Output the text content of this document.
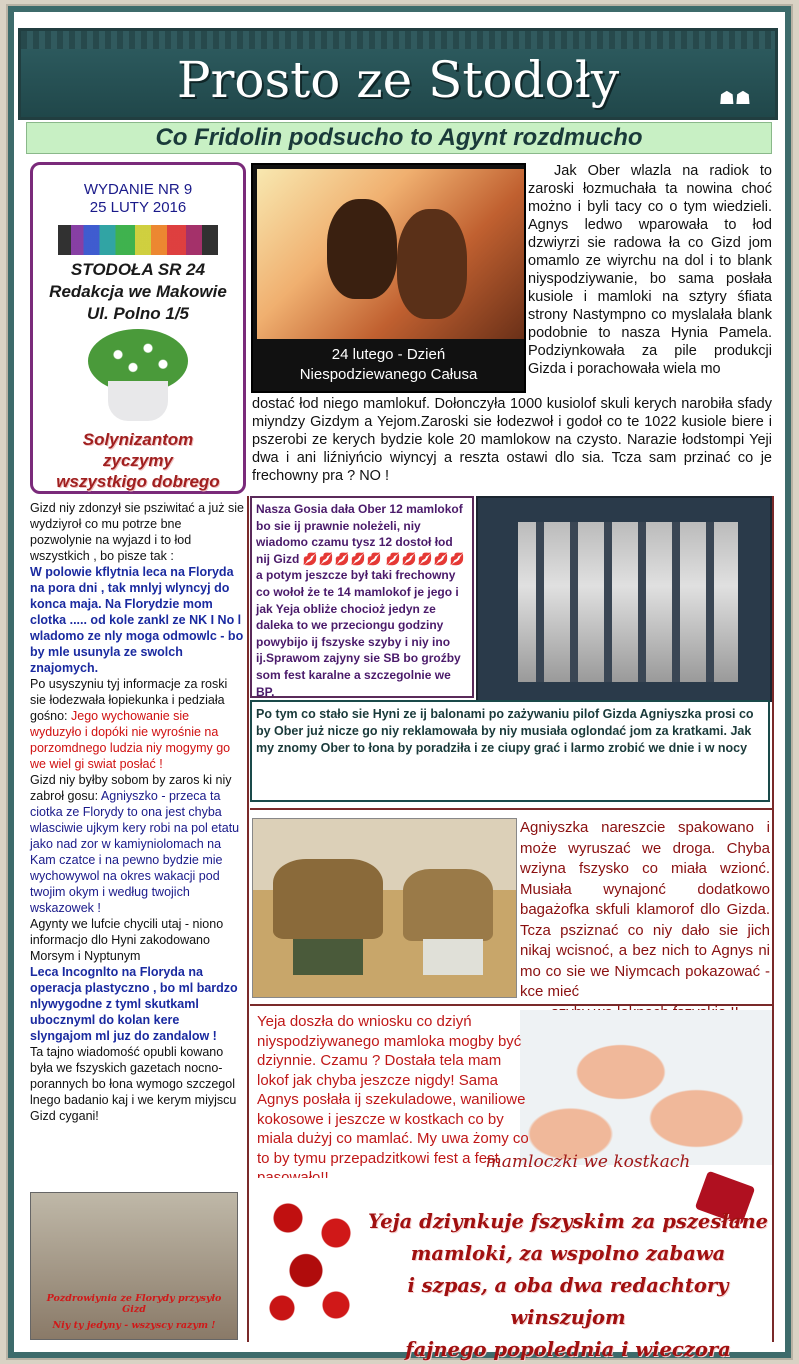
Prosto ze Stodoły	☗☗
Co Fridolin podsucho to Agynt rozdmucho
WYDANIE NR 9
25 LUTY 2016
STODOŁA SR 24
Redakcja we Makowie
Ul. Polno 1/5
Solynizantom
zyczymy
wszystkigo dobrego
24 lutego - Dzień
Niespodziewanego Całusa
Jak Ober wlazla na radiok to zaroski łozmuchała ta nowina choć możno i byli tacy co o tym wiedzieli. Agnys ledwo wparowała to łod dzwiyrzi sie radowa ła co Gizd jom omamlo ze wiyrchu na dol i to blank niyspodziywanie, bo sama posłała kusiole i mamloki na sztyry śfiata strony Nastympno co myslalała blank podobnie to nasza Hynia Pamela. Podziynkowała za pile produkcji Gizda i porachowała wiela mo
dostać łod niego mamlokuf. Dołonczyła 1000 kusiolof skuli kerych narobiła sfady miyndzy Gizdym a Yejom.Zaroski sie łodezwoł i godoł co te 1022 kusiole biere i pszerobi ze kerych bydzie kole 20 mamlokow na czysto. Narazie łodstompi Yeji dwa i ani liźniyńcio wiyncyj a reszta ostawi dlo sia. Tcza sam przinać co je frechowny pra ? NO !
Gizd niy zdonzył sie psziwitać a już sie wydziyroł co mu potrze bne pozwolynie na wyjazd i to łod wszystkich , bo pisze tak :
W polowie kflytnia leca na Floryda na pora dni , tak mnlyj wlyncyj do konca maja. Na Florydzie mom clotka ..... od kole zankl ze NK I No l wladomo ze nly moga odmowlc - bo by mle usunyla ze swolch znajomych.
Po usyszyniu tyj informacje za roski sie łodezwała łopiekunka i pedziała gośno: Jego wychowanie sie wyduzyło i dopóki nie wyrośnie na porzomdnego ludzia niy mogymy go we wiel gi swiat posłać !
Gizd niy byłby sobom by zaros ki niy zabroł gosu: Agniyszko - przeca ta ciotka ze Florydy to ona jest chyba wlasciwie ujkym kery robi na pol etatu jako nad zor w kamiyniolomach na Kam czatce i na pewno bydzie mie wychowywol na okres wakacji pod twojim okym i według twojich wskazowek !
Agynty we lufcie chycili utaj - niono informacjo dlo Hyni zakodowano Morsym i Nyptunym
Leca Incognlto na Floryda na operacja plastyczno , bo ml bardzo nlywygodne z tyml skutkaml ubocznyml do kolan kere slyngajom ml juz do zandalow !
Ta tajno wiadomość opubli kowano była we fszyskich gazetach nocno-porannych bo łona wymogo szczegol lnego badanio kaj i we kerym miyjscu Gizd cygani!
Pozdrowiynia ze Florydy przysyło Gizd
Niy ty jedyny - wszyscy razym !
Nasza Gosia dała Ober 12 mamlokof bo sie ij prawnie noleżeli, niy wiadomo czamu tysz 12 dostoł łod nij Gizd 💋💋💋💋💋 💋💋💋💋💋 a potym jeszcze był taki frechowny co wołoł że te 14 mamlokof je jego i jak Yeja obliże chocioż jedyn ze daleka to we przeciongu godziny powybijo ij fszyske szyby i niy ino ij.Sprawom zajyny sie SB bo groźby som fest karalne a szczegolnie we BP.
Po tym co stało sie Hyni ze ij balonami po zażywaniu pilof Gizda Agniyszka prosi co by Ober już nicze go niy reklamowała by niy musiała oglondać jom za kratkami. Jak my znomy Ober to łona by poradziła i ze ciupy grać i larmo zrobić we dnie i w nocy
Agniyszka nareszcie spakowano i może wyruszać we droga. Chyba wziyna fszysko co miała wzionć. Musiała wynajonć dodatkowo bagażofka skfuli klamorof dlo Gizda. Tcza psziznać co niy dało sie jich nikaj wcisnoć, a bez nich to Agnys ni mo co sie we Niymcach pokazować - kce mieć
Yeja doszła do wniosku co dziyń niyspodziywanego mamloka mogby być dziynnie. Czamu ? Dostała tela mam lokof jak chyba jeszcze nigdy! Sama Agnys posłała ij szekuladowe, waniliowe kokosowe i jeszcze w kostkach co by miala dużyj co mamlać. My uwa żomy co to by tymu przepadzitkowi fest a fest
mamloczki we kostkach
Yeja dziynkuje fszyskim za pszesłane
mamloki, za wspolno zabawa
i szpas, a oba dwa redachtory winszujom
fajnego popolednia i wieczora
